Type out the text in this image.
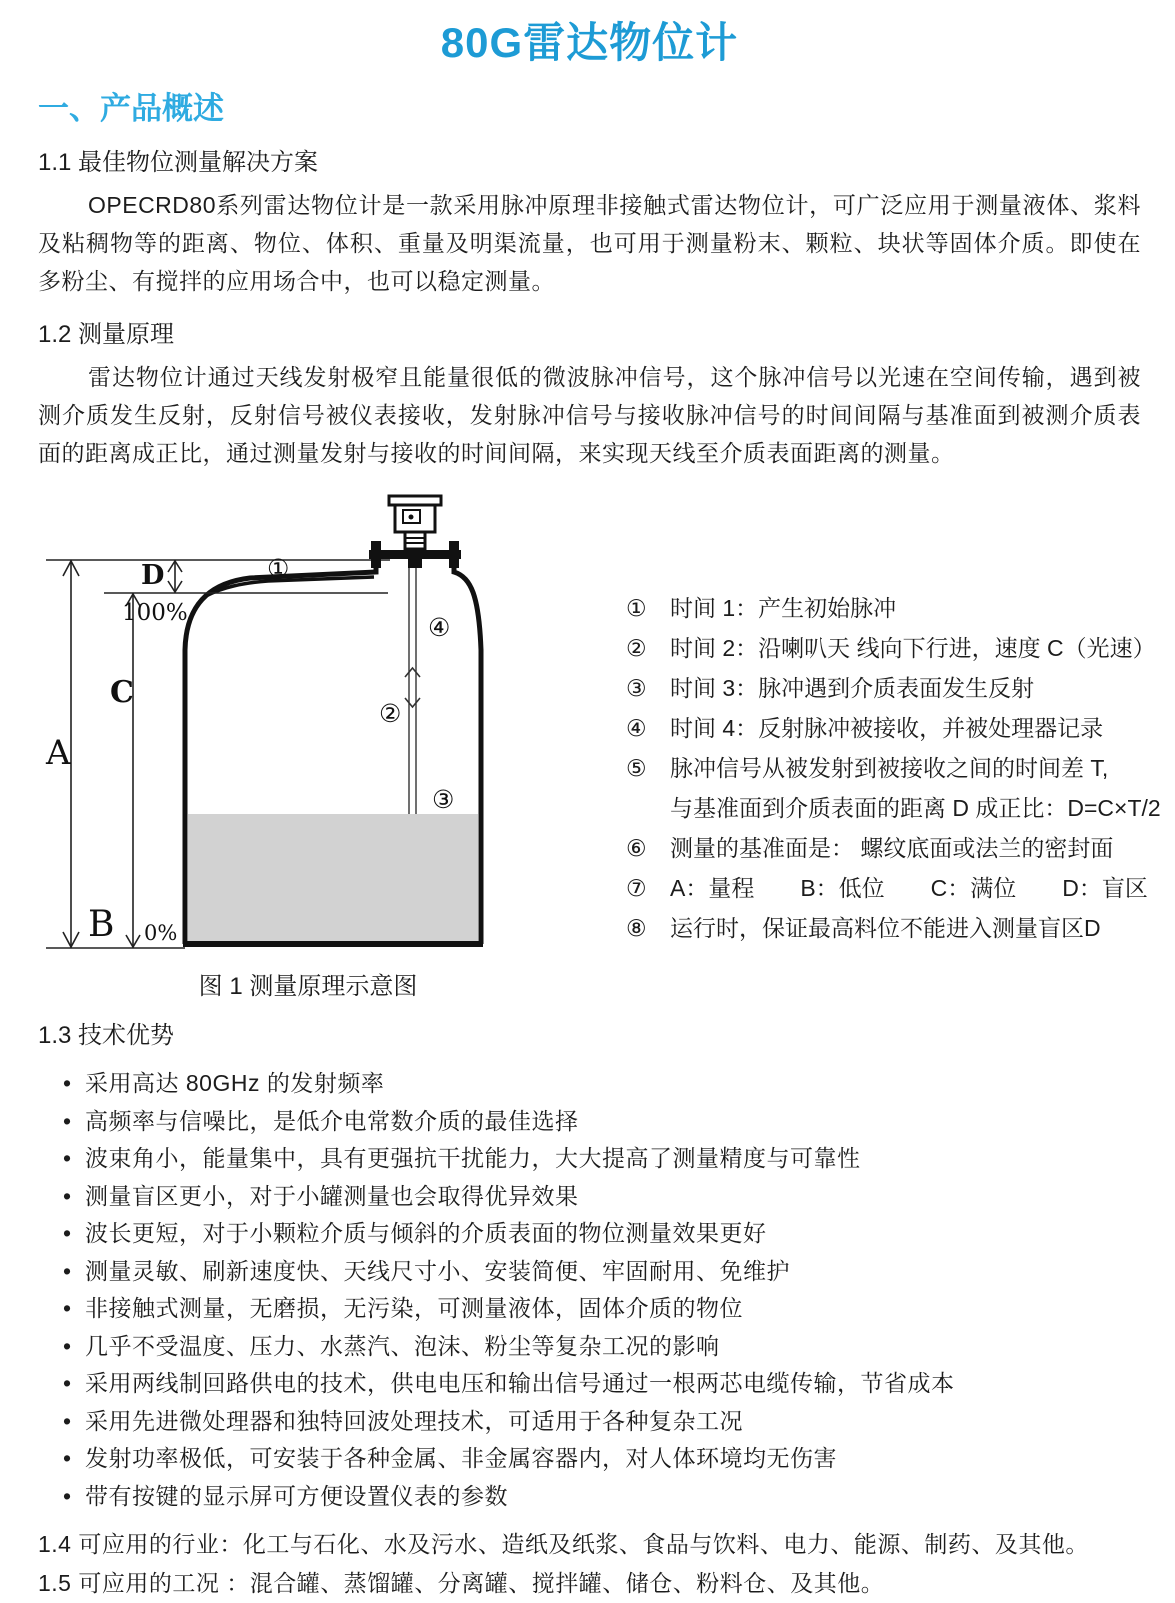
80G雷达物位计
一、产品概述
1.1 最佳物位测量解决方案
OPECRD80系列雷达物位计是一款采用脉冲原理非接触式雷达物位计，可广泛应用于测量液体、浆料及粘稠物等的距离、物位、体积、重量及明渠流量，也可用于测量粉末、颗粒、块状等固体介质。即使在多粉尘、有搅拌的应用场合中，也可以稳定测量。
1.2 测量原理
雷达物位计通过天线发射极窄且能量很低的微波脉冲信号，这个脉冲信号以光速在空间传输，遇到被测介质发生反射，反射信号被仪表接收，发射脉冲信号与接收脉冲信号的时间间隔与基准面到被测介质表面的距离成正比，通过测量发射与接收的时间间隔，来实现天线至介质表面距离的测量。
A
B
C
D
100%
0%
①
②
③
④
图 1 测量原理示意图
①	时间 1：产生初始脉冲
②	时间 2：沿喇叭天 线向下行进，速度 C（光速）
③	时间 3：脉冲遇到介质表面发生反射
④	时间 4：反射脉冲被接收，并被处理器记录
⑤	脉冲信号从被发射到被接收之间的时间差 T,
与基准面到介质表面的距离 D 成正比：D=C×T/2
⑥	测量的基准面是： 螺纹底面或法兰的密封面
⑦	A：量程　　B：低位　　C：满位　　D：盲区
⑧	运行时，保证最高料位不能进入测量盲区D
1.3 技术优势
• 采用高达 80GHz 的发射频率
• 高频率与信噪比，是低介电常数介质的最佳选择
• 波束角小，能量集中，具有更强抗干扰能力，大大提高了测量精度与可靠性
• 测量盲区更小，对于小罐测量也会取得优异效果
• 波长更短，对于小颗粒介质与倾斜的介质表面的物位测量效果更好
• 测量灵敏、刷新速度快、天线尺寸小、安装简便、牢固耐用、免维护
• 非接触式测量，无磨损，无污染，可测量液体，固体介质的物位
• 几乎不受温度、压力、水蒸汽、泡沫、粉尘等复杂工况的影响
• 采用两线制回路供电的技术，供电电压和输出信号通过一根两芯电缆传输，节省成本
• 采用先进微处理器和独特回波处理技术，可适用于各种复杂工况
• 发射功率极低，可安装于各种金属、非金属容器内，对人体环境均无伤害
• 带有按键的显示屏可方便设置仪表的参数
1.4 可应用的行业：化工与石化、水及污水、造纸及纸浆、食品与饮料、电力、能源、制药、及其他。
1.5 可应用的工况 ：混合罐、蒸馏罐、分离罐、搅拌罐、储仓、粉料仓、及其他。
